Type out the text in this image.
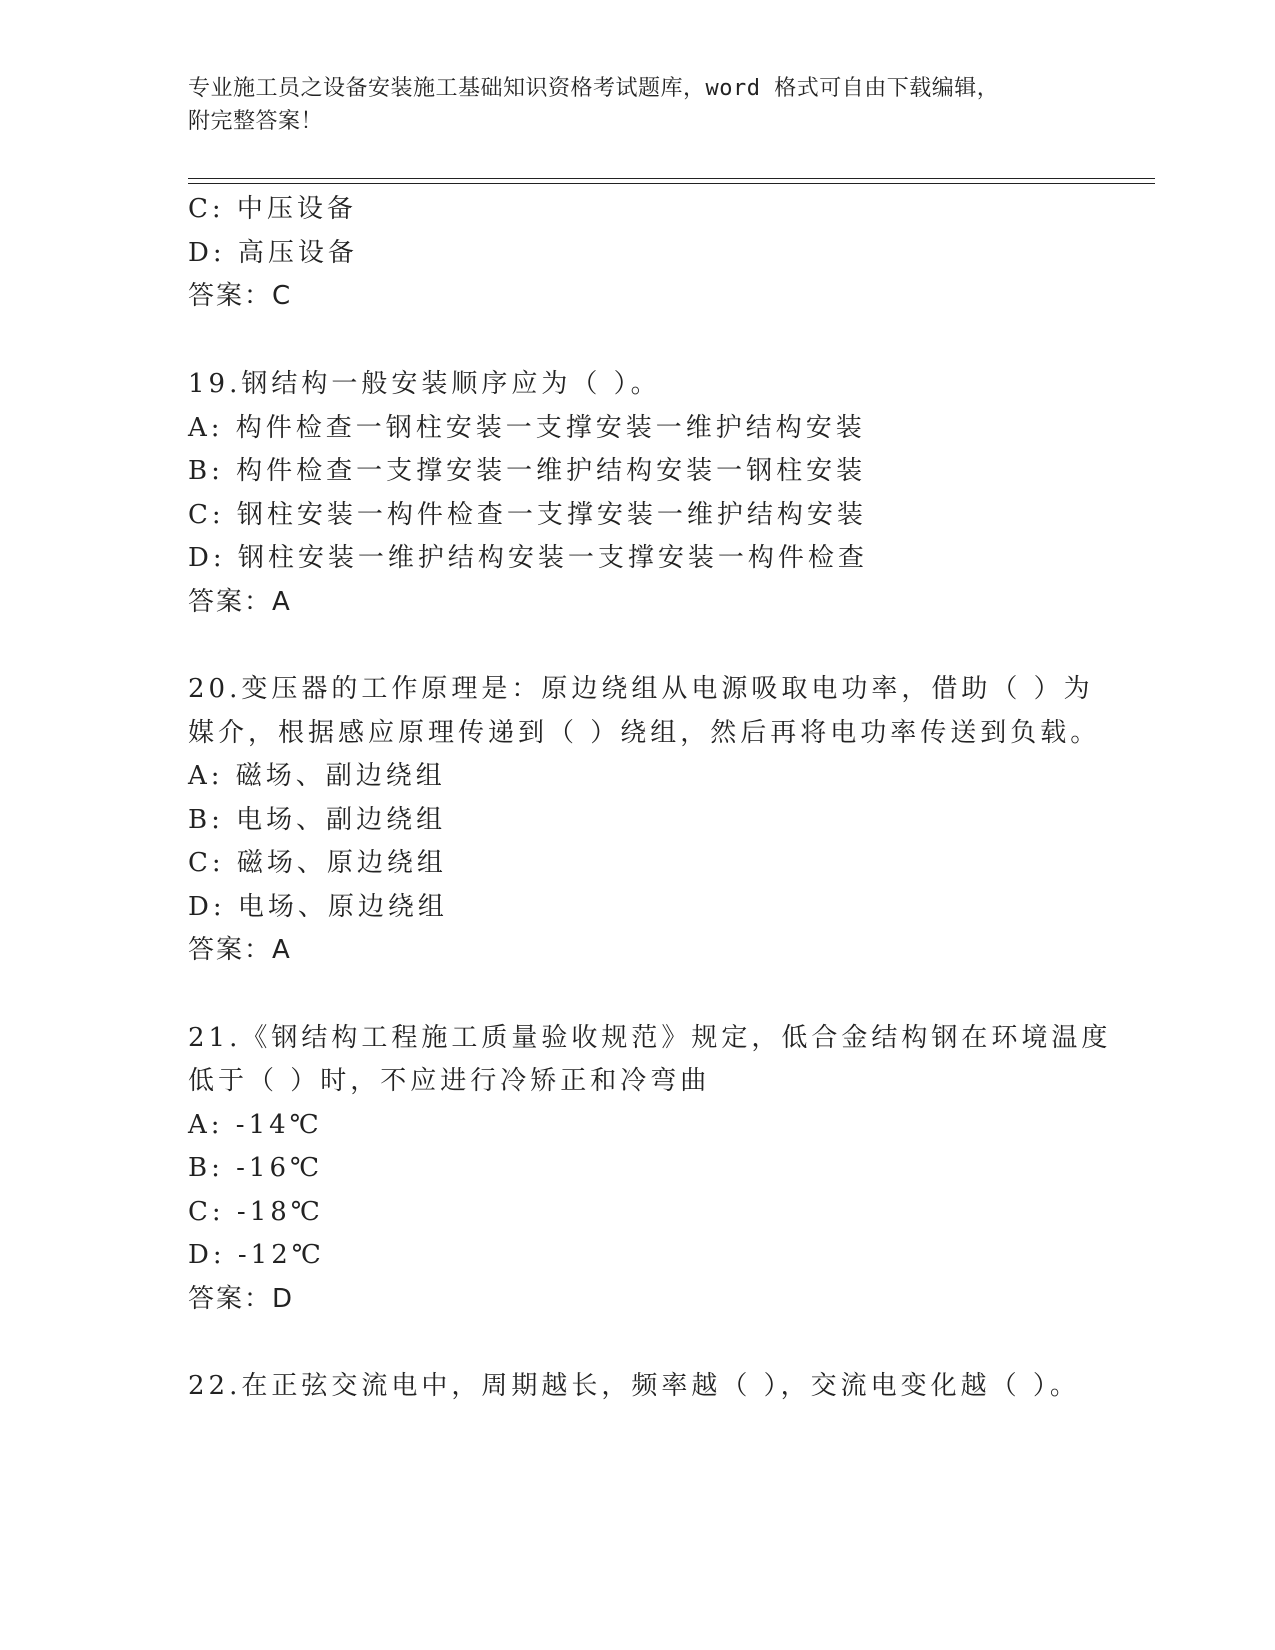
专业施工员之设备安装施工基础知识资格考试题库，word 格式可自由下载编辑，
附完整答案！
C: 中压设备
D: 高压设备
答案：C
19.钢结构一般安装顺序应为（ ）。
A: 构件检查一钢柱安装一支撑安装一维护结构安装
B: 构件检查一支撑安装一维护结构安装一钢柱安装
C: 钢柱安装一构件检查一支撑安装一维护结构安装
D: 钢柱安装一维护结构安装一支撑安装一构件检查
答案：A
20.变压器的工作原理是：原边绕组从电源吸取电功率，借助（ ）为
媒介，根据感应原理传递到（ ）绕组，然后再将电功率传送到负载。
A: 磁场、副边绕组
B: 电场、副边绕组
C: 磁场、原边绕组
D: 电场、原边绕组
答案：A
21.《钢结构工程施工质量验收规范》规定，低合金结构钢在环境温度
低于（ ）时，不应进行冷矫正和冷弯曲
A: -14℃
B: -16℃
C: -18℃
D: -12℃
答案：D
22.在正弦交流电中，周期越长，频率越（ ），交流电变化越（ ）。
